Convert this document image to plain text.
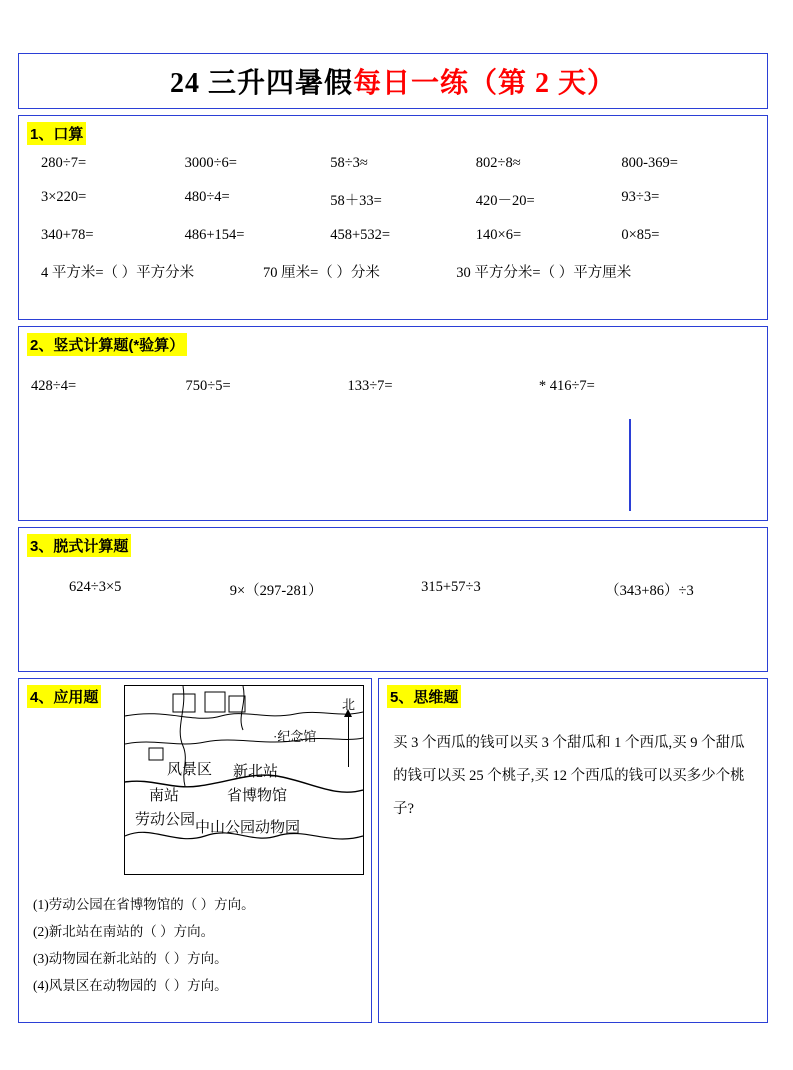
24 三升四暑假每日一练（第 2 天）
1、口算
280÷7=	3000÷6=	58÷3≈	802÷8≈	800-369=
3×220=	480÷4=	58＋33=	420－20=	93÷3=
340+78=	486+154=	458+532=	140×6=	0×85=
4 平方米=（ ）平方分米	70 厘米=（ ）分米	30 平方分米=（ ）平方厘米
2、竖式计算题(*验算）
428÷4=	750÷5=	133÷7=	* 416÷7=
3、脱式计算题
624÷3×5	9×（297-281）	315+57÷3	（343+86）÷3
4、应用题
·纪念馆
风景区 新北站
南站	省博物馆
劳动公园 中山公园动物园
北
(1)劳动公园在省博物馆的（ ）方向。
(2)新北站在南站的（ ）方向。
(3)动物园在新北站的（ ）方向。
(4)风景区在动物园的（ ）方向。
5、思维题
买 3 个西瓜的钱可以买 3 个甜瓜和 1 个西瓜,买 9 个甜瓜的钱可以买 25 个桃子,买 12 个西瓜的钱可以买多少个桃子?
